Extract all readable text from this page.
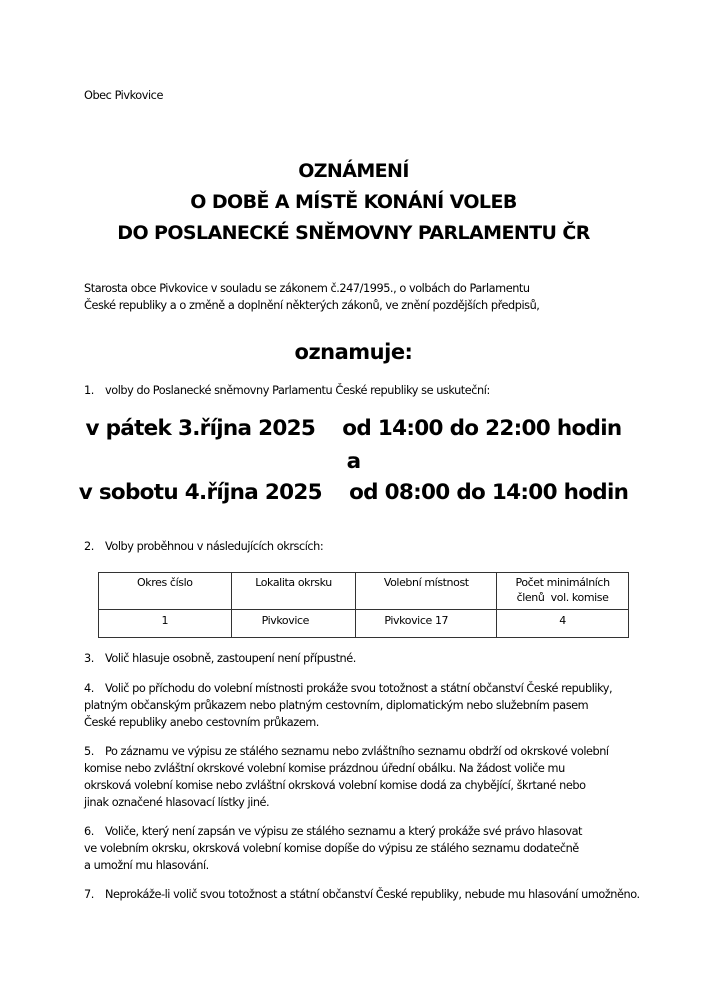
Obec Pivkovice
OZNÁMENÍ
O DOBĚ A MÍSTĚ KONÁNÍ VOLEB
DO POSLANECKÉ SNĚMOVNY PARLAMENTU ČR
Starosta obce Pivkovice v souladu se zákonem č.247/1995., o volbách do Parlamentu
České republiky a o změně a doplnění některých zákonů, ve znění pozdějších předpisů,
oznamuje:
1. volby do Poslanecké sněmovny Parlamentu České republiky se uskuteční:
v pátek 3.října 2025 od 14:00 do 22:00 hodin
a
v sobotu 4.října 2025 od 08:00 do 14:00 hodin
2. Volby proběhnou v následujících okrscích:
Okres číslo	Lokalita okrsku	Volební místnost	Počet minimálních
členů  vol. komise

1	Pivkovice	Pivkovice 17	4
3. Volič hlasuje osobně, zastoupení není přípustné.
4. Volič po příchodu do volební místnosti prokáže svou totožnost a státní občanství České republiky,
platným občanským průkazem nebo platným cestovním, diplomatickým nebo služebním pasem
České republiky anebo cestovním průkazem.
5. Po záznamu ve výpisu ze stálého seznamu nebo zvláštního seznamu obdrží od okrskové volební
komise nebo zvláštní okrskové volební komise prázdnou úřední obálku. Na žádost voliče mu
okrsková volební komise nebo zvláštní okrsková volební komise dodá za chybějící, škrtané nebo
jinak označené hlasovací lístky jiné.
6. Voliče, který není zapsán ve výpisu ze stálého seznamu a který prokáže své právo hlasovat
ve volebním okrsku, okrsková volební komise dopíše do výpisu ze stálého seznamu dodatečně
a umožní mu hlasování.
7. Neprokáže-li volič svou totožnost a státní občanství České republiky, nebude mu hlasování umožněno.
